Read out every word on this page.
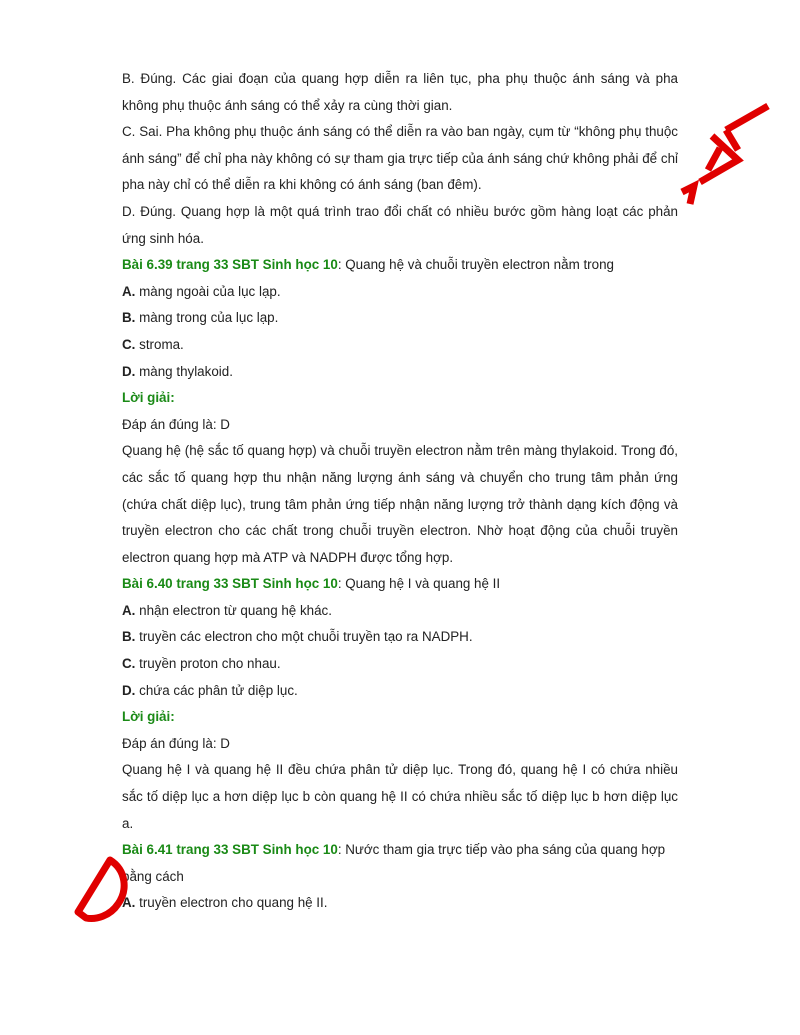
B. Đúng. Các giai đoạn của quang hợp diễn ra liên tục, pha phụ thuộc ánh sáng và pha không phụ thuộc ánh sáng có thể xảy ra cùng thời gian.

C. Sai. Pha không phụ thuộc ánh sáng có thể diễn ra vào ban ngày, cụm từ “không phụ thuộc ánh sáng” để chỉ pha này không có sự tham gia trực tiếp của ánh sáng chứ không phải để chỉ pha này chỉ có thể diễn ra khi không có ánh sáng (ban đêm).

D. Đúng. Quang hợp là một quá trình trao đổi chất có nhiều bước gồm hàng loạt các phản ứng sinh hóa.

Bài 6.39 trang 33 SBT Sinh học 10: Quang hệ và chuỗi truyền electron nằm trong

A. màng ngoài của lục lạp.

B. màng trong của lục lạp.

C. stroma.

D. màng thylakoid.

Lời giải:

Đáp án đúng là: D

Quang hệ (hệ sắc tố quang hợp) và chuỗi truyền electron nằm trên màng thylakoid. Trong đó, các sắc tố quang hợp thu nhận năng lượng ánh sáng và chuyển cho trung tâm phản ứng (chứa chất diệp lục), trung tâm phản ứng tiếp nhận năng lượng trở thành dạng kích động và truyền electron cho các chất trong chuỗi truyền electron. Nhờ hoạt động của chuỗi truyền electron quang hợp mà ATP và NADPH được tổng hợp.

Bài 6.40 trang 33 SBT Sinh học 10: Quang hệ I và quang hệ II

A. nhận electron từ quang hệ khác.

B. truyền các electron cho một chuỗi truyền tạo ra NADPH.

C. truyền proton cho nhau.

D. chứa các phân tử diệp lục.

Lời giải:

Đáp án đúng là: D

Quang hệ I và quang hệ II đều chứa phân tử diệp lục. Trong đó, quang hệ I có chứa nhiều sắc tố diệp lục a hơn diệp lục b còn quang hệ II có chứa nhiều sắc tố diệp lục b hơn diệp lục a.

Bài 6.41 trang 33 SBT Sinh học 10: Nước tham gia trực tiếp vào pha sáng của quang hợp bằng cách

A. truyền electron cho quang hệ II.
